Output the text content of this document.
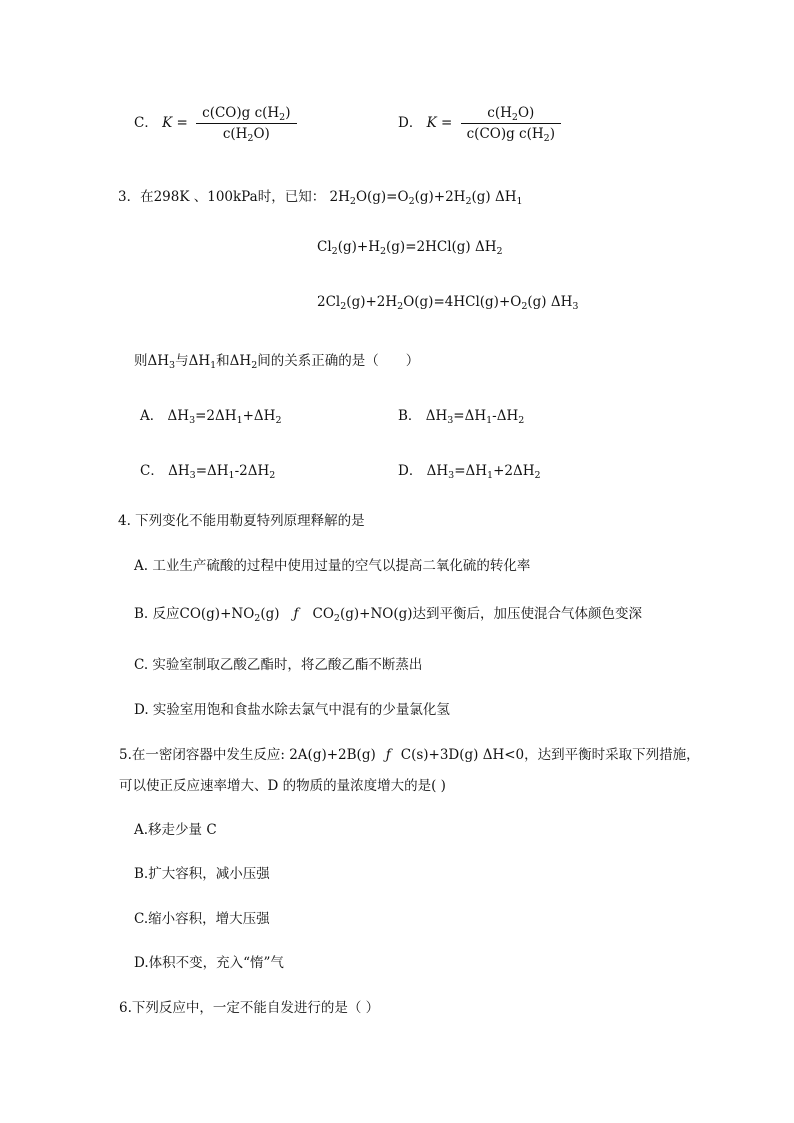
C． $K = \frac{c(CO)g c(H_2)}{c(H_2O)}$	D． $K = \frac{c(H_2O)}{c(CO)g c(H_2)}$
3．在298K 、100kPa时，已知： $2H_2O(g)=O_2(g)+2H_2(g)$ $\Delta H_1$
$Cl_2(g)+H_2(g)=2HCl(g)$ $\Delta H_2$
$2Cl_2(g)+2H_2O(g)=4HCl(g)+O_2(g)$ $\Delta H_3$
则$\Delta H_3$与$\Delta H_1$和$\Delta H_2$间的关系正确的是（　　）
A． $\Delta H_3=2\Delta H_1+\Delta H_2$	B． $\Delta H_3=\Delta H_1-\Delta H_2$
C． $\Delta H_3=\Delta H_1-2\Delta H_2$	D． $\Delta H_3=\Delta H_1+2\Delta H_2$
4. 下列变化不能用勒夏特列原理释解的是
A. 工业生产硫酸的过程中使用过量的空气以提高二氧化硫的转化率
B. 反应$CO(g)+NO_2(g)$ ƒ $CO_2(g)+NO(g)$达到平衡后，加压使混合气体颜色变深
C. 实验室制取乙酸乙酯时，将乙酸乙酯不断蒸出
D. 实验室用饱和食盐水除去氯气中混有的少量氯化氢
5.在一密闭容器中发生反应: 2A(g)+2B(g) ƒ C(s)+3D(g) ΔH<0，达到平衡时采取下列措施，
可以使正反应速率增大、D 的物质的量浓度增大的是( )
A.移走少量 C
B.扩大容积，减小压强
C.缩小容积，增大压强
D.体积不变，充入“惰”气
6.下列反应中，一定不能自发进行的是（ ）
